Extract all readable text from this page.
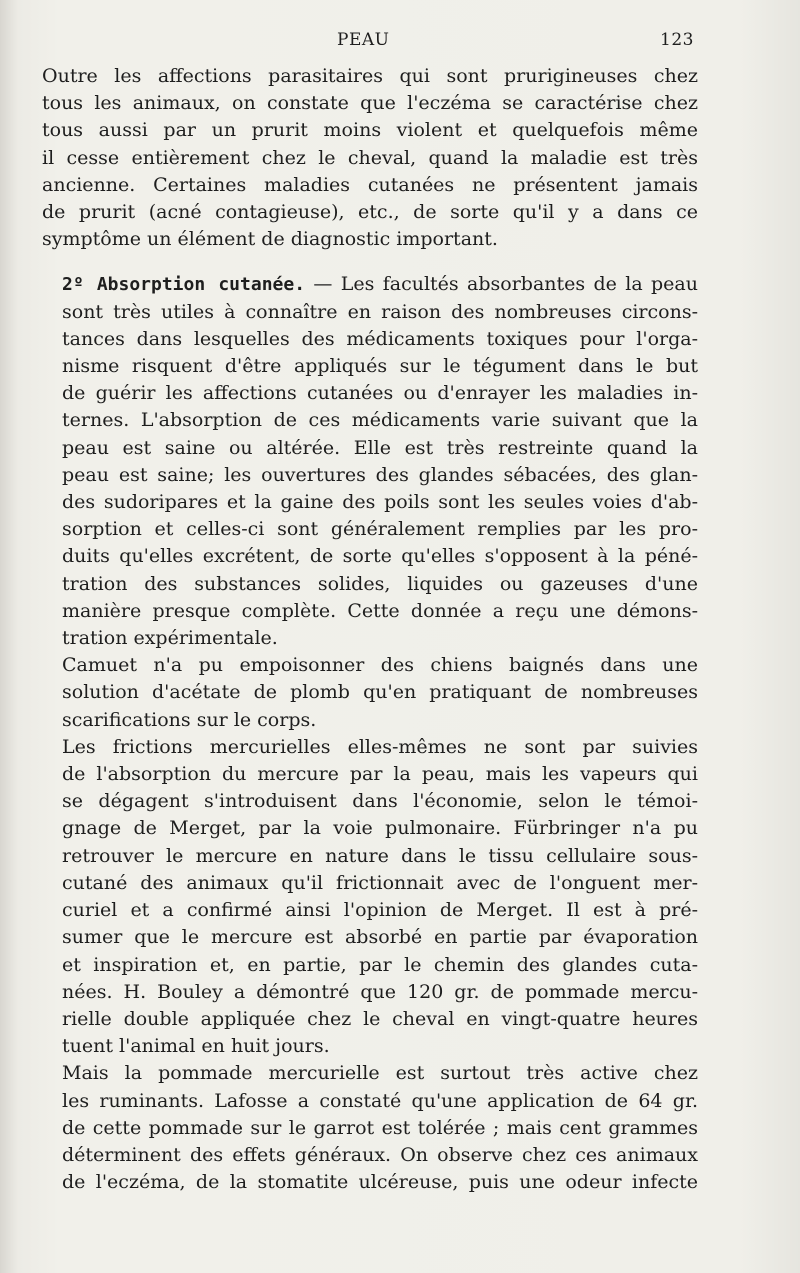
PEAU	123

Outre les affections parasitaires qui sont prurigineuses chez
tous les animaux, on constate que l'eczéma se caractérise chez
tous aussi par un prurit moins violent et quelquefois même
il cesse entièrement chez le cheval, quand la maladie est très
ancienne. Certaines maladies cutanées ne présentent jamais
de prurit (acné contagieuse), etc., de sorte qu'il y a dans ce
symptôme un élément de diagnostic important.

2º Absorption cutanée. — Les facultés absorbantes de la peau
sont très utiles à connaître en raison des nombreuses circons-
tances dans lesquelles des médicaments toxiques pour l'orga-
nisme risquent d'être appliqués sur le tégument dans le but
de guérir les affections cutanées ou d'enrayer les maladies in-
ternes. L'absorption de ces médicaments varie suivant que la
peau est saine ou altérée. Elle est très restreinte quand la
peau est saine; les ouvertures des glandes sébacées, des glan-
des sudoripares et la gaine des poils sont les seules voies d'ab-
sorption et celles-ci sont généralement remplies par les pro-
duits qu'elles excrétent, de sorte qu'elles s'opposent à la péné-
tration des substances solides, liquides ou gazeuses d'une
manière presque complète. Cette donnée a reçu une démons-
tration expérimentale.

Camuet n'a pu empoisonner des chiens baignés dans une
solution d'acétate de plomb qu'en pratiquant de nombreuses
scarifications sur le corps.

Les frictions mercurielles elles-mêmes ne sont par suivies
de l'absorption du mercure par la peau, mais les vapeurs qui
se dégagent s'introduisent dans l'économie, selon le témoi-
gnage de Merget, par la voie pulmonaire. Fürbringer n'a pu
retrouver le mercure en nature dans le tissu cellulaire sous-
cutané des animaux qu'il frictionnait avec de l'onguent mer-
curiel et a confirmé ainsi l'opinion de Merget. Il est à pré-
sumer que le mercure est absorbé en partie par évaporation
et inspiration et, en partie, par le chemin des glandes cuta-
nées. H. Bouley a démontré que 120 gr. de pommade mercu-
rielle double appliquée chez le cheval en vingt-quatre heures
tuent l'animal en huit jours.

Mais la pommade mercurielle est surtout très active chez
les ruminants. Lafosse a constaté qu'une application de 64 gr.
de cette pommade sur le garrot est tolérée ; mais cent grammes
déterminent des effets généraux. On observe chez ces animaux
de l'eczéma, de la stomatite ulcéreuse, puis une odeur infecte
